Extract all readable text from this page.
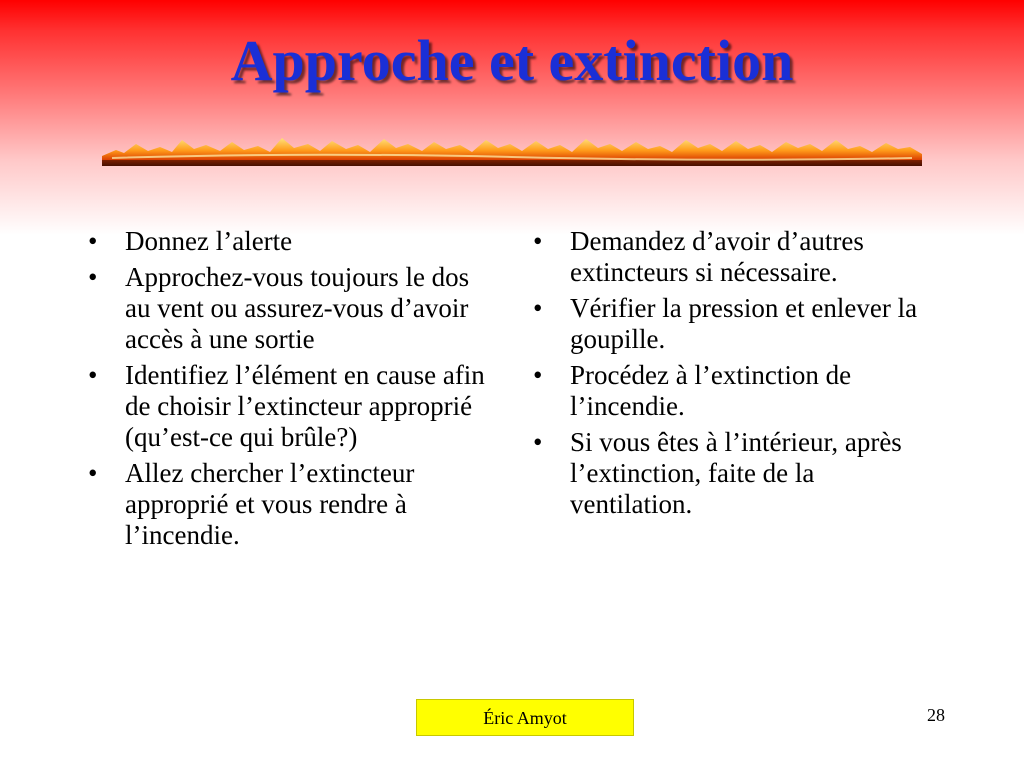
Approche et extinction
• Donnez l’alerte
• Approchez-vous toujours le dos au vent ou assurez-vous d’avoir accès à une sortie
• Identifiez l’élément en cause afin de choisir l’extincteur approprié (qu’est-ce qui brûle?)
• Allez chercher l’extincteur approprié et vous rendre à l’incendie.
• Demandez d’avoir d’autres extincteurs si nécessaire.
• Vérifier la pression et enlever la goupille.
• Procédez à l’extinction de l’incendie.
• Si vous êtes à l’intérieur, après l’extinction, faite de la ventilation.
Éric Amyot	28
